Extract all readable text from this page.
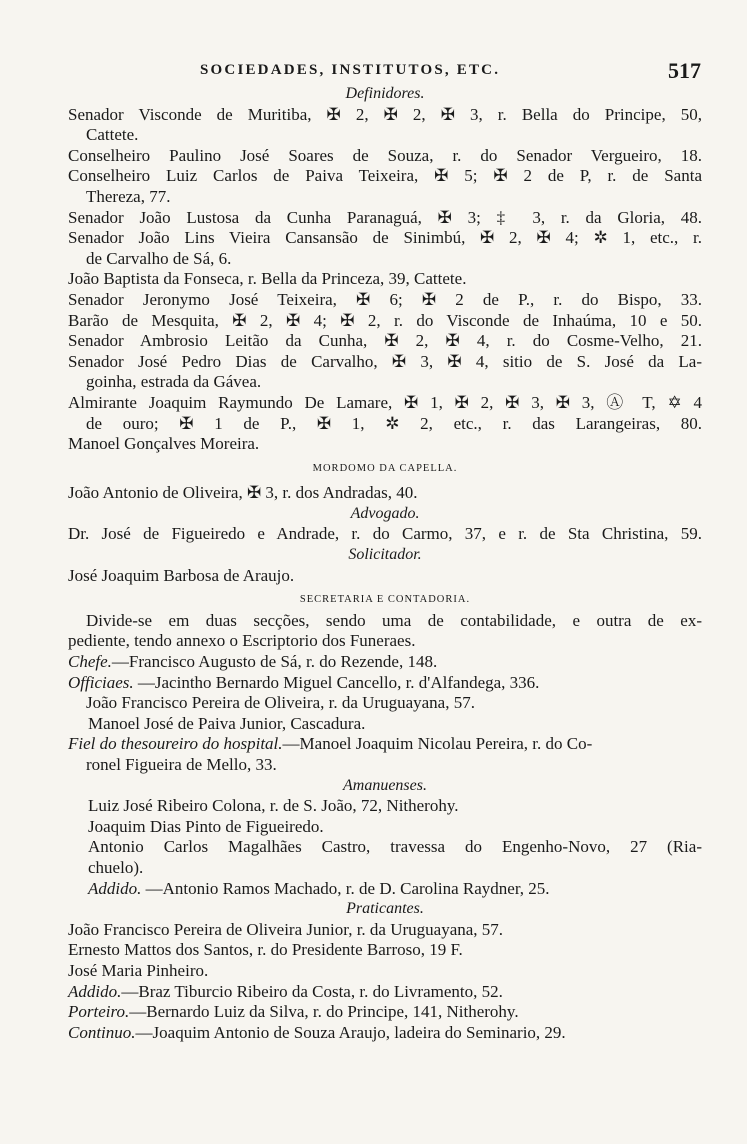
SOCIEDADES, INSTITUTOS, ETC.	517
Definidores.
Senador Visconde de Muritiba, ✠ 2, ✠ 2, ✠ 3, r. Bella do Principe, 50,
Cattete.
Conselheiro Paulino José Soares de Souza, r. do Senador Vergueiro, 18.
Conselheiro Luiz Carlos de Paiva Teixeira, ✠ 5; ✠ 2 de P, r. de Santa
Thereza, 77.
Senador João Lustosa da Cunha Paranaguá, ✠ 3; ‡ 3, r. da Gloria, 48.
Senador João Lins Vieira Cansansão de Sinimbú, ✠ 2, ✠ 4; ✲ 1, etc., r.
de Carvalho de Sá, 6.
João Baptista da Fonseca, r. Bella da Princeza, 39, Cattete.
Senador Jeronymo José Teixeira, ✠ 6; ✠ 2 de P., r. do Bispo, 33.
Barão de Mesquita, ✠ 2, ✠ 4; ✠ 2, r. do Visconde de Inhaúma, 10 e 50.
Senador Ambrosio Leitão da Cunha, ✠ 2, ✠ 4, r. do Cosme-Velho, 21.
Senador José Pedro Dias de Carvalho, ✠ 3, ✠ 4, sitio de S. José da La-
goinha, estrada da Gávea.
Almirante Joaquim Raymundo De Lamare, ✠ 1, ✠ 2, ✠ 3, ✠ 3, Ⓐ T, ✡ 4
de ouro; ✠ 1 de P., ✠ 1, ✲ 2, etc., r. das Larangeiras, 80.
Manoel Gonçalves Moreira.
MORDOMO DA CAPELLA.
João Antonio de Oliveira, ✠ 3, r. dos Andradas, 40.
Advogado.
Dr. José de Figueiredo e Andrade, r. do Carmo, 37, e r. de Sta Christina, 59.
Solicitador.
José Joaquim Barbosa de Araujo.
SECRETARIA E CONTADORIA.
Divide-se em duas secções, sendo uma de contabilidade, e outra de ex-
pediente, tendo annexo o Escriptorio dos Funeraes.
Chefe.—Francisco Augusto de Sá, r. do Rezende, 148.
Officiaes. —Jacintho Bernardo Miguel Cancello, r. d'Alfandega, 336.
João Francisco Pereira de Oliveira, r. da Uruguayana, 57.
Manoel José de Paiva Junior, Cascadura.
Fiel do thesoureiro do hospital.—Manoel Joaquim Nicolau Pereira, r. do Co-
ronel Figueira de Mello, 33.
Amanuenses.
Luiz José Ribeiro Colona, r. de S. João, 72, Nitherohy.
Joaquim Dias Pinto de Figueiredo.
Antonio Carlos Magalhães Castro, travessa do Engenho-Novo, 27 (Ria-
chuelo).
Addido. —Antonio Ramos Machado, r. de D. Carolina Raydner, 25.
Praticantes.
João Francisco Pereira de Oliveira Junior, r. da Uruguayana, 57.
Ernesto Mattos dos Santos, r. do Presidente Barroso, 19 F.
José Maria Pinheiro.
Addido.—Braz Tiburcio Ribeiro da Costa, r. do Livramento, 52.
Porteiro.—Bernardo Luiz da Silva, r. do Principe, 141, Nitherohy.
Continuo.—Joaquim Antonio de Souza Araujo, ladeira do Seminario, 29.
